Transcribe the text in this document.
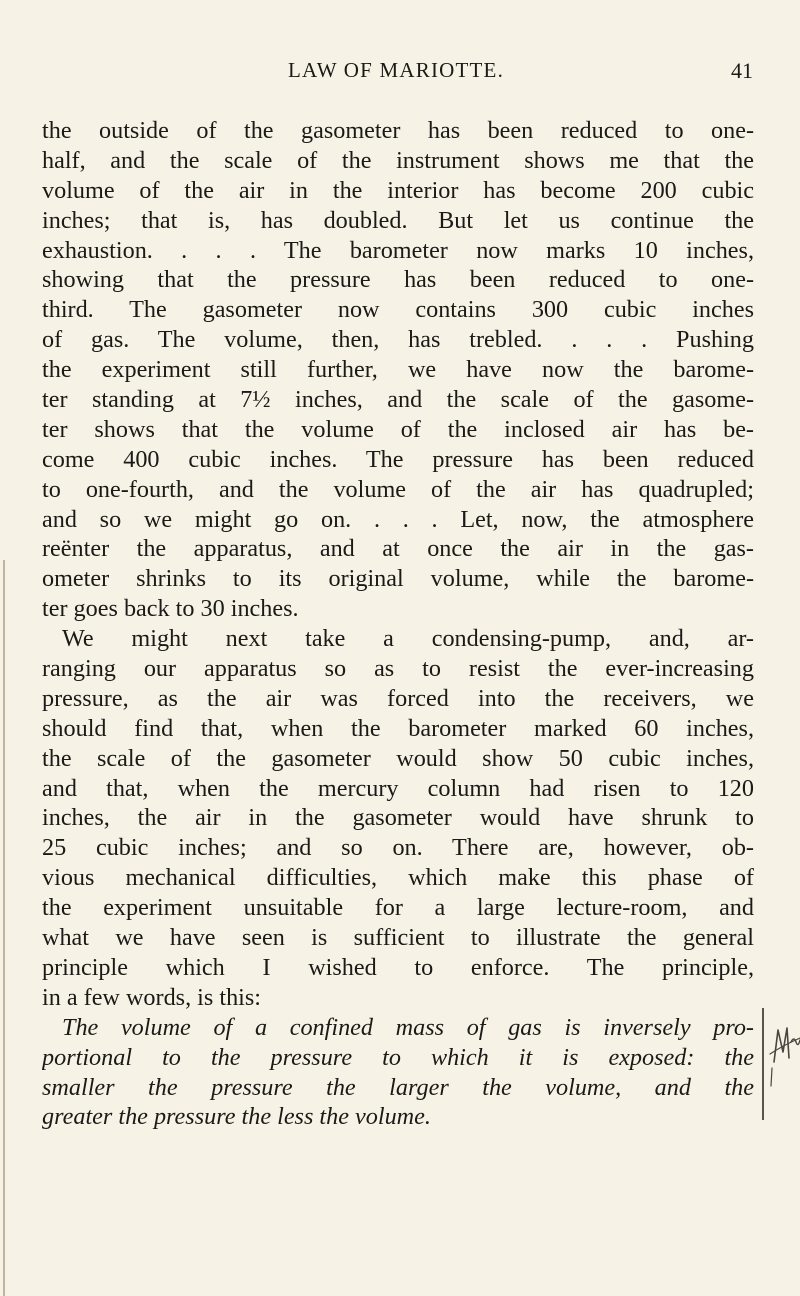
LAW OF MARIOTTE.	41
the outside of the gasometer has been reduced to one-
half, and the scale of the instrument shows me that the
volume of the air in the interior has become 200 cubic
inches; that is, has doubled. But let us continue the
exhaustion. . . . The barometer now marks 10 inches,
showing that the pressure has been reduced to one-
third. The gasometer now contains 300 cubic inches
of gas. The volume, then, has trebled. . . . Pushing
the experiment still further, we have now the barome-
ter standing at 7½ inches, and the scale of the gasome-
ter shows that the volume of the inclosed air has be-
come 400 cubic inches. The pressure has been reduced
to one-fourth, and the volume of the air has quadrupled;
and so we might go on. . . . Let, now, the atmosphere
reënter the apparatus, and at once the air in the gas-
ometer shrinks to its original volume, while the barome-
ter goes back to 30 inches.
We might next take a condensing-pump, and, ar-
ranging our apparatus so as to resist the ever-increasing
pressure, as the air was forced into the receivers, we
should find that, when the barometer marked 60 inches,
the scale of the gasometer would show 50 cubic inches,
and that, when the mercury column had risen to 120
inches, the air in the gasometer would have shrunk to
25 cubic inches; and so on. There are, however, ob-
vious mechanical difficulties, which make this phase of
the experiment unsuitable for a large lecture-room, and
what we have seen is sufficient to illustrate the general
principle which I wished to enforce. The principle,
in a few words, is this:
The volume of a confined mass of gas is inversely pro-
portional to the pressure to which it is exposed: the
smaller the pressure the larger the volume, and the
greater the pressure the less the volume.
